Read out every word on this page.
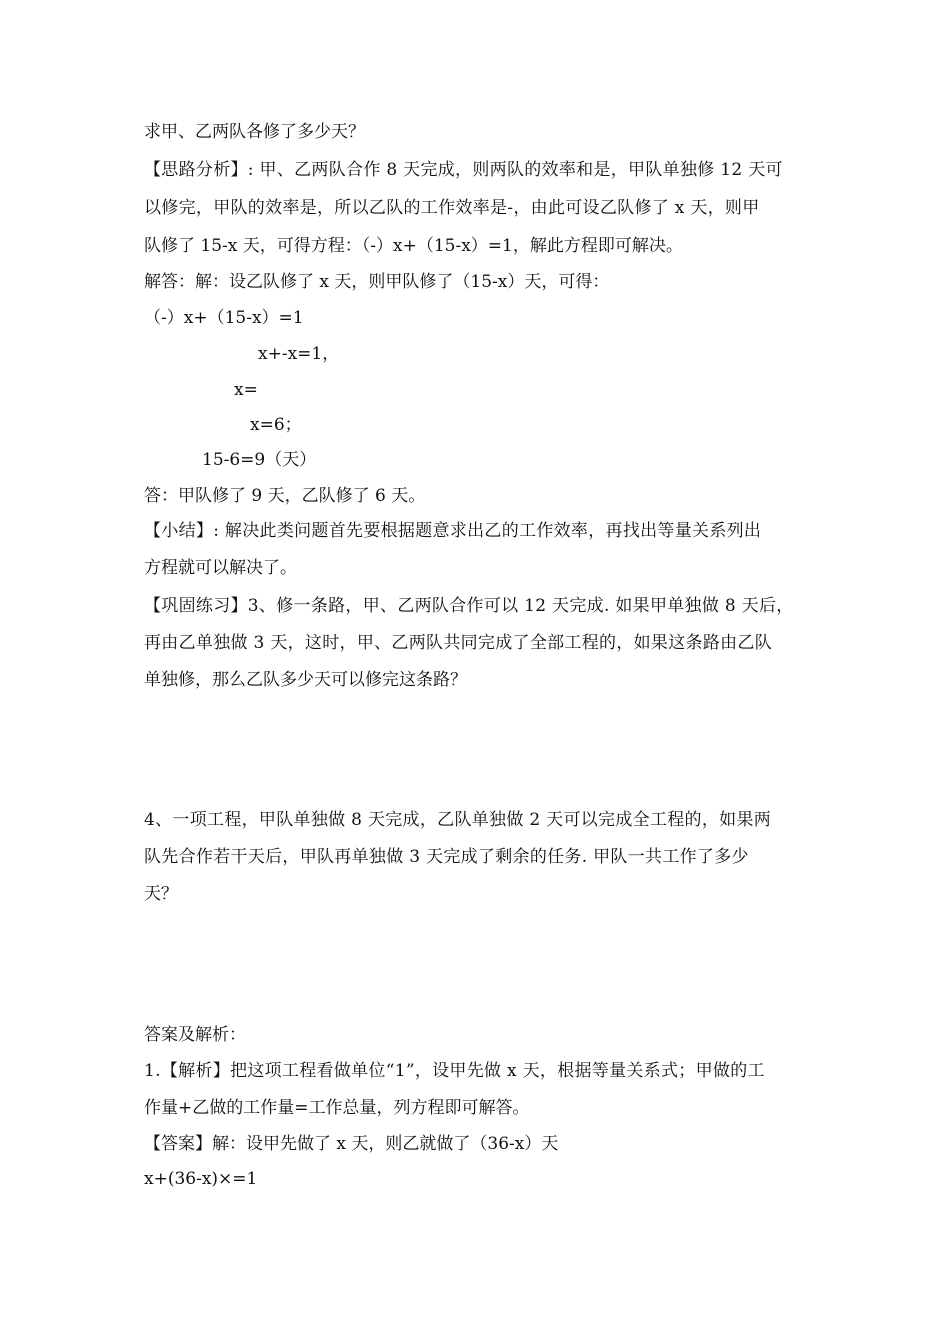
求甲、乙两队各修了多少天？
【思路分析】: 甲、乙两队合作 8 天完成，则两队的效率和是，甲队单独修 12 天可
以修完，甲队的效率是，所以乙队的工作效率是-，由此可设乙队修了 x 天，则甲
队修了 15-x 天，可得方程：（-）x+（15-x）=1，解此方程即可解决。
解答：解：设乙队修了 x 天，则甲队修了（15-x）天，可得：
（-）x+（15-x）=1
x+-x=1，
x=
x=6；
15-6=9（天）
答：甲队修了 9 天，乙队修了 6 天。
【小结】: 解决此类问题首先要根据题意求出乙的工作效率，再找出等量关系列出
方程就可以解决了。
【巩固练习】3、修一条路，甲、乙两队合作可以 12 天完成. 如果甲单独做 8 天后，
再由乙单独做 3 天，这时，甲、乙两队共同完成了全部工程的，如果这条路由乙队
单独修，那么乙队多少天可以修完这条路？
4、一项工程，甲队单独做 8 天完成，乙队单独做 2 天可以完成全工程的，如果两
队先合作若干天后，甲队再单独做 3 天完成了剩余的任务. 甲队一共工作了多少
天？
答案及解析：
1.【解析】把这项工程看做单位“1”，设甲先做 x 天，根据等量关系式；甲做的工
作量+乙做的工作量=工作总量，列方程即可解答。
【答案】解：设甲先做了 x 天，则乙就做了（36-x）天
x+(36-x)×=1
